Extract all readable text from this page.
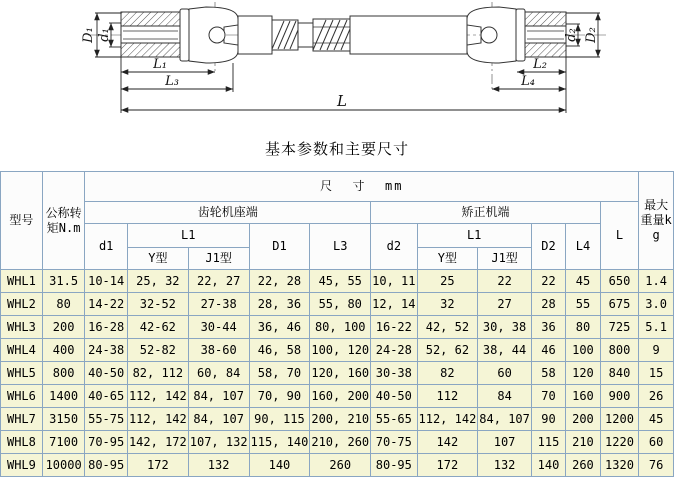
D₁ d₁	d₂ D₂
L₁
L₃
L₂
L₄
L
基本参数和主要尺寸
型号	公称转矩N.m	尺  寸  mm											最大重量kg
		齿轮机座端					矫正机端					L	
		d1	L1		D1	L3	d2	L1		D2	L4		
			Y型	J1型				Y型	J1型				
WHL1	31.5	10-14	25, 32	22, 27	22, 28	45, 55	10, 11	25	22	22	45	650	1.4
WHL2	80	14-22	32-52	27-38	28, 36	55, 80	12, 14	32	27	28	55	675	3.0
WHL3	200	16-28	42-62	30-44	36, 46	80, 100	16-22	42, 52	30, 38	36	80	725	5.1
WHL4	400	24-38	52-82	38-60	46, 58	100, 120	24-28	52, 62	38, 44	46	100	800	9
WHL5	800	40-50	82, 112	60, 84	58, 70	120, 160	30-38	82	60	58	120	840	15
WHL6	1400	40-65	112, 142	84, 107	70, 90	160, 200	40-50	112	84	70	160	900	26
WHL7	3150	55-75	112, 142	84, 107	90, 115	200, 210	55-65	112, 142	84, 107	90	200	1200	45
WHL8	7100	70-95	142, 172	107, 132	115, 140	210, 260	70-75	142	107	115	210	1220	60
WHL9	10000	80-95	172	132	140	260	80-95	172	132	140	260	1320	76
